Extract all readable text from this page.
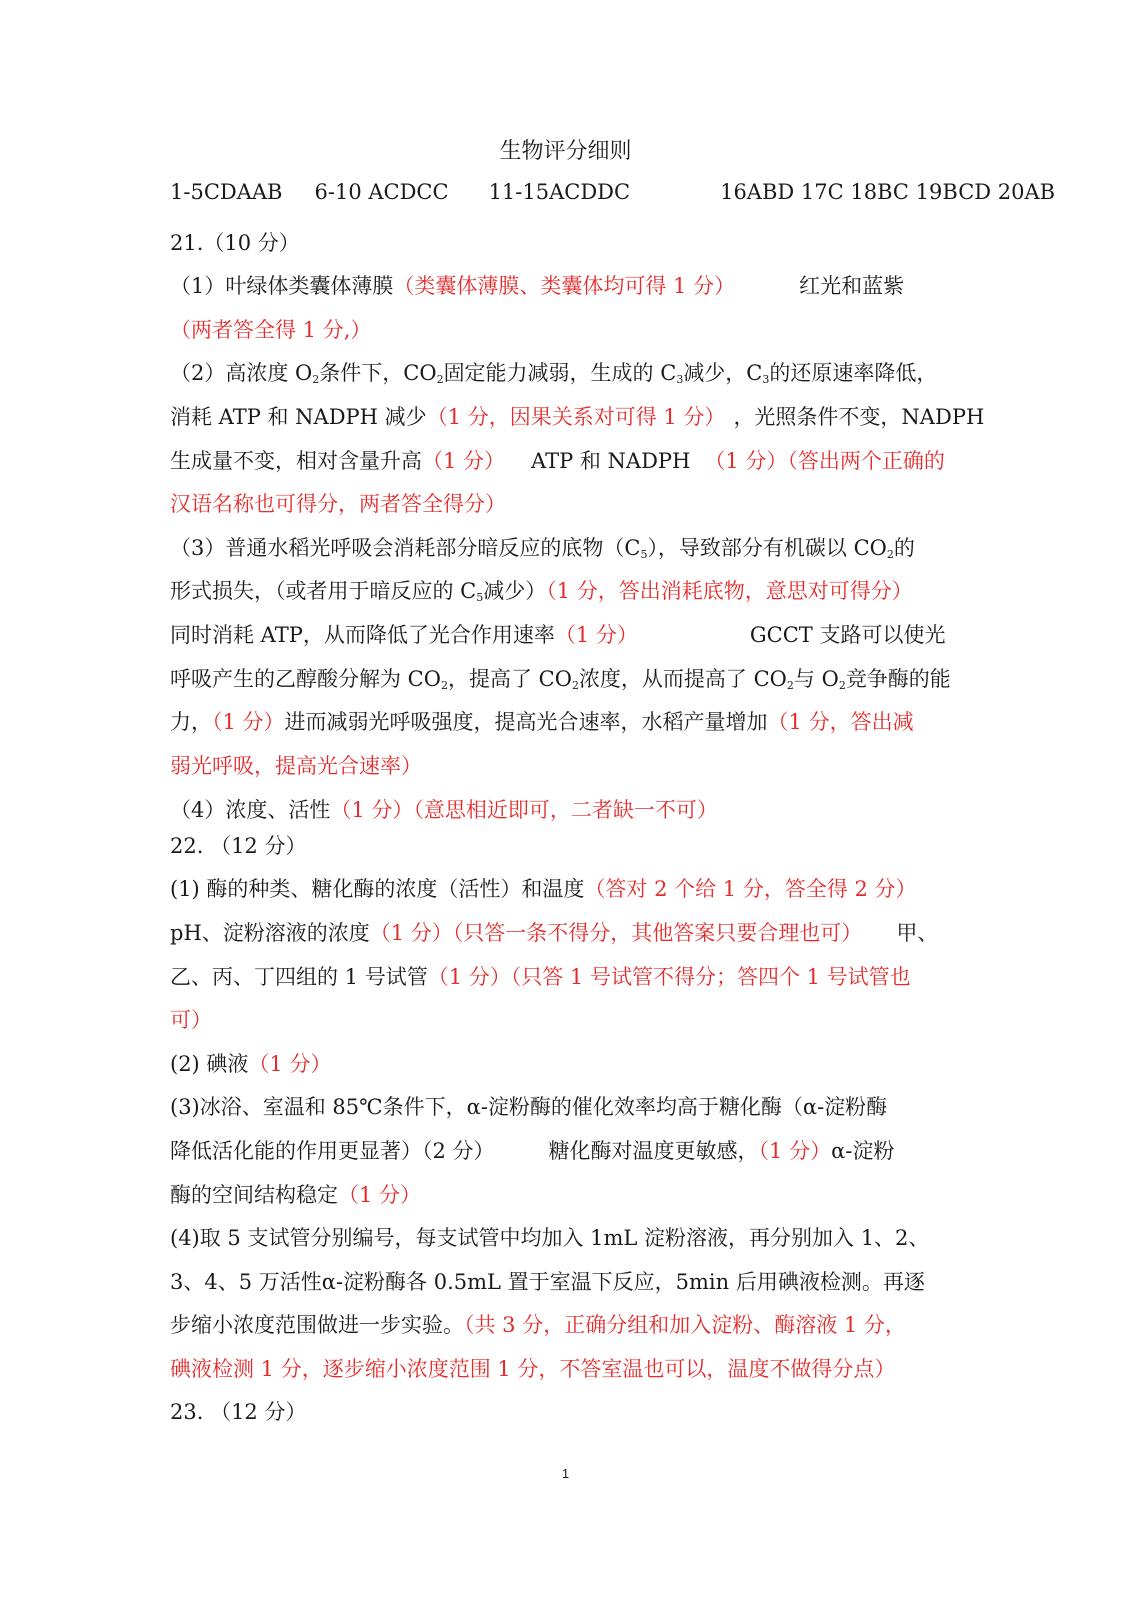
生物评分细则
1-5CDAAB 6-10 ACDCC 11-15ACDDC	16ABD 17C 18BC 19BCD 20AB
21.（10 分）
（1）叶绿体类囊体薄膜（类囊体薄膜、类囊体均可得 1 分）	红光和蓝紫
（两者答全得 1 分,）
（2）高浓度 $O_2$条件下，$CO_2$固定能力减弱，生成的 $C_3$减少，$C_3$的还原速率降低，
消耗 ATP 和 NADPH 减少（1 分，因果关系对可得 1 分） ，光照条件不变，NADPH
生成量不变，相对含量升高（1 分） ATP 和 NADPH （1 分）（答出两个正确的
汉语名称也可得分，两者答全得分）
（3）普通水稻光呼吸会消耗部分暗反应的底物$(C_5)$，导致部分有机碳以 $CO_2$的
形式损失，（或者用于暗反应的 $C_5$减少）（1 分，答出消耗底物，意思对可得分）
同时消耗 ATP，从而降低了光合作用速率（1 分）	GCCT 支路可以使光
呼吸产生的乙醇酸分解为 $CO_2$，提高了 $CO_2$浓度，从而提高了 $CO_2$与 $O_2$竞争酶的能
力，（1 分）进而减弱光呼吸强度，提高光合速率，水稻产量增加（1 分，答出减
弱光呼吸，提高光合速率）
（4）浓度、活性（1 分）（意思相近即可，二者缺一不可）
22. （12 分）
(1) 酶的种类、糖化酶的浓度（活性）和温度（答对 2 个给 1 分，答全得 2 分）
pH、淀粉溶液的浓度（1 分）（只答一条不得分，其他答案只要合理也可） 甲、
乙、丙、丁四组的 1 号试管（1 分）（只答 1 号试管不得分；答四个 1 号试管也
可）
(2) 碘液（1 分）
(3)冰浴、室温和 85℃条件下，α-淀粉酶的催化效率均高于糖化酶（α-淀粉酶
降低活化能的作用更显著）（2 分）	糖化酶对温度更敏感，（1 分）α-淀粉
酶的空间结构稳定（1 分）
(4)取 5 支试管分别编号，每支试管中均加入 1mL 淀粉溶液，再分别加入 1、2、
3、4、5 万活性α-淀粉酶各 0.5mL 置于室温下反应，5min 后用碘液检测。再逐
步缩小浓度范围做进一步实验。（共 3 分，正确分组和加入淀粉、酶溶液 1 分，
碘液检测 1 分，逐步缩小浓度范围 1 分，不答室温也可以，温度不做得分点）
23. （12 分）
1
